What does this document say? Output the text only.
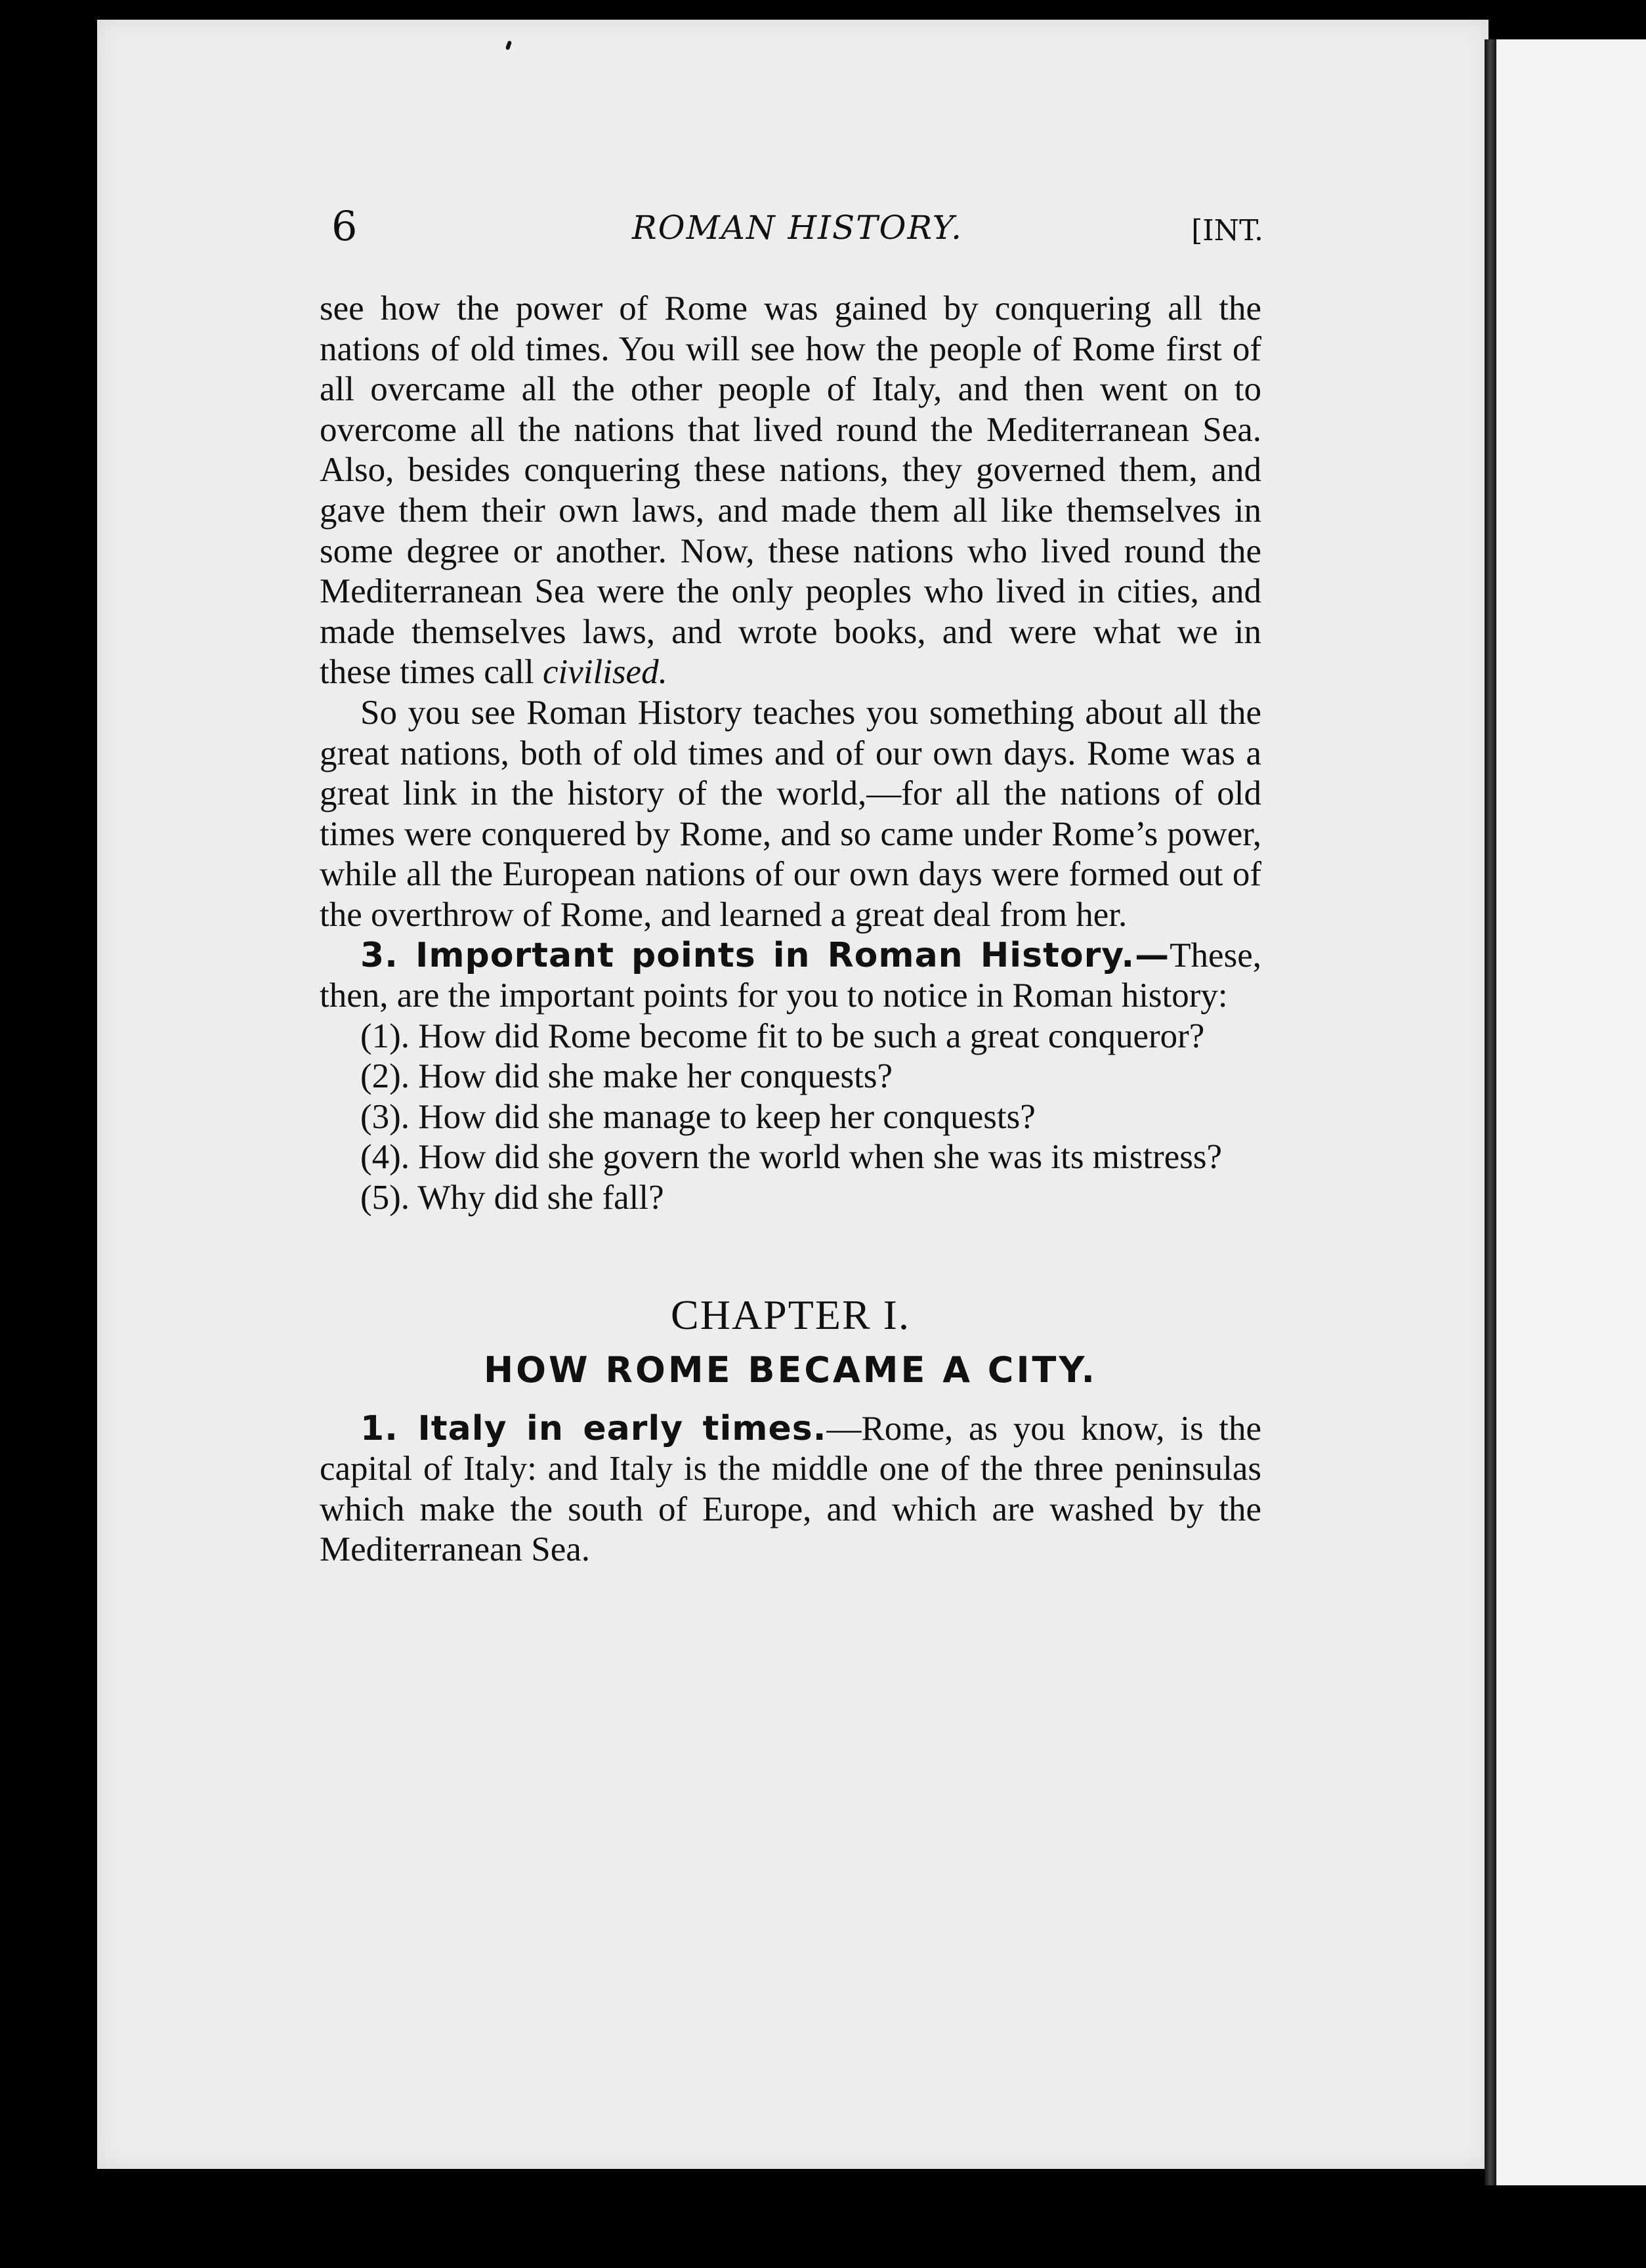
6	ROMAN HISTORY.	[INT.

see how the power of Rome was gained by conquering all the nations of old times. You will see how the people of Rome first of all overcame all the other people of Italy, and then went on to overcome all the nations that lived round the Mediterranean Sea. Also, besides conquering these nations, they governed them, and gave them their own laws, and made them all like themselves in some degree or another. Now, these nations who lived round the Mediterranean Sea were the only peoples who lived in cities, and made themselves laws, and wrote books, and were what we in these times call civilised.

So you see Roman History teaches you something about all the great nations, both of old times and of our own days. Rome was a great link in the history of the world,—for all the nations of old times were conquered by Rome, and so came under Rome’s power, while all the European nations of our own days were formed out of the overthrow of Rome, and learned a great deal from her.

3. Important points in Roman History.—These, then, are the important points for you to notice in Roman history:

(1). How did Rome become fit to be such a great conqueror?

(2). How did she make her conquests?

(3). How did she manage to keep her conquests?

(4). How did she govern the world when she was its mistress?

(5). Why did she fall?

CHAPTER I.

HOW ROME BECAME A CITY.

1. Italy in early times.—Rome, as you know, is the capital of Italy: and Italy is the middle one of the three peninsulas which make the south of Europe, and which are washed by the Mediterranean Sea.
